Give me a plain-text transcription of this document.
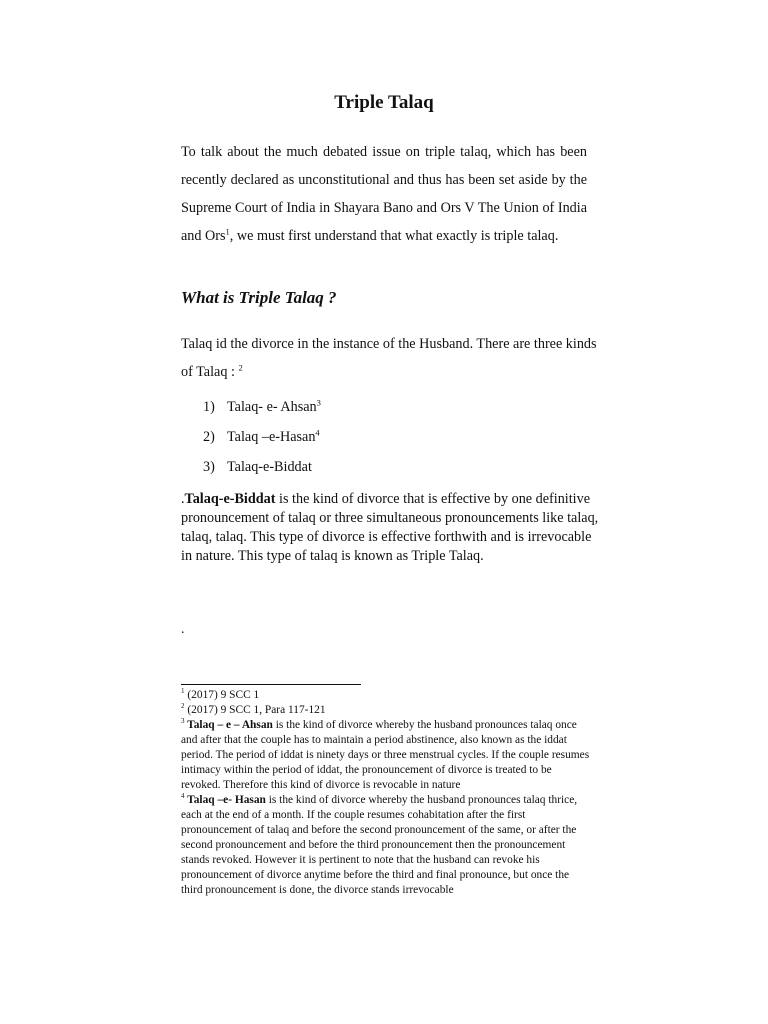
Triple Talaq

To talk about the much debated issue on triple talaq, which has been recently declared as unconstitutional and thus has been set aside by the Supreme Court of India in Shayara Bano and Ors V The Union of India and Ors$^1$, we must first understand that what exactly is triple talaq.

What is Triple Talaq ?

Talaq id the divorce in the instance of the Husband. There are three kinds of Talaq : $^2$

1) Talaq- e- Ahsan$^3$
2) Talaq –e-Hasan$^4$
3) Talaq-e-Biddat

.Talaq-e-Biddat is the kind of divorce that is effective by one definitive pronouncement of talaq or three simultaneous pronouncements like talaq, talaq, talaq. This type of divorce is effective forthwith and is irrevocable in nature. This type of talaq is known as Triple Talaq.

.

$^1$ (2017) 9 SCC 1

$^2$ (2017) 9 SCC 1, Para 117-121

$^3$ Talaq – e – Ahsan is the kind of divorce whereby the husband pronounces talaq once and after that the couple has to maintain a period abstinence, also known as the iddat period. The period of iddat is ninety days or three menstrual cycles. If the couple resumes intimacy within the period of iddat, the pronouncement of divorce is treated to be revoked. Therefore this kind of divorce is revocable in nature

$^4$ Talaq –e- Hasan is the kind of divorce whereby the husband pronounces talaq thrice, each at the end of a month. If the couple resumes cohabitation after the first pronouncement of talaq and before the second pronouncement of the same, or after the second pronouncement and before the third pronouncement then the pronouncement stands revoked. However it is pertinent to note that the husband can revoke his pronouncement of divorce anytime before the third and final pronounce, but once the third pronouncement is done, the divorce stands irrevocable
